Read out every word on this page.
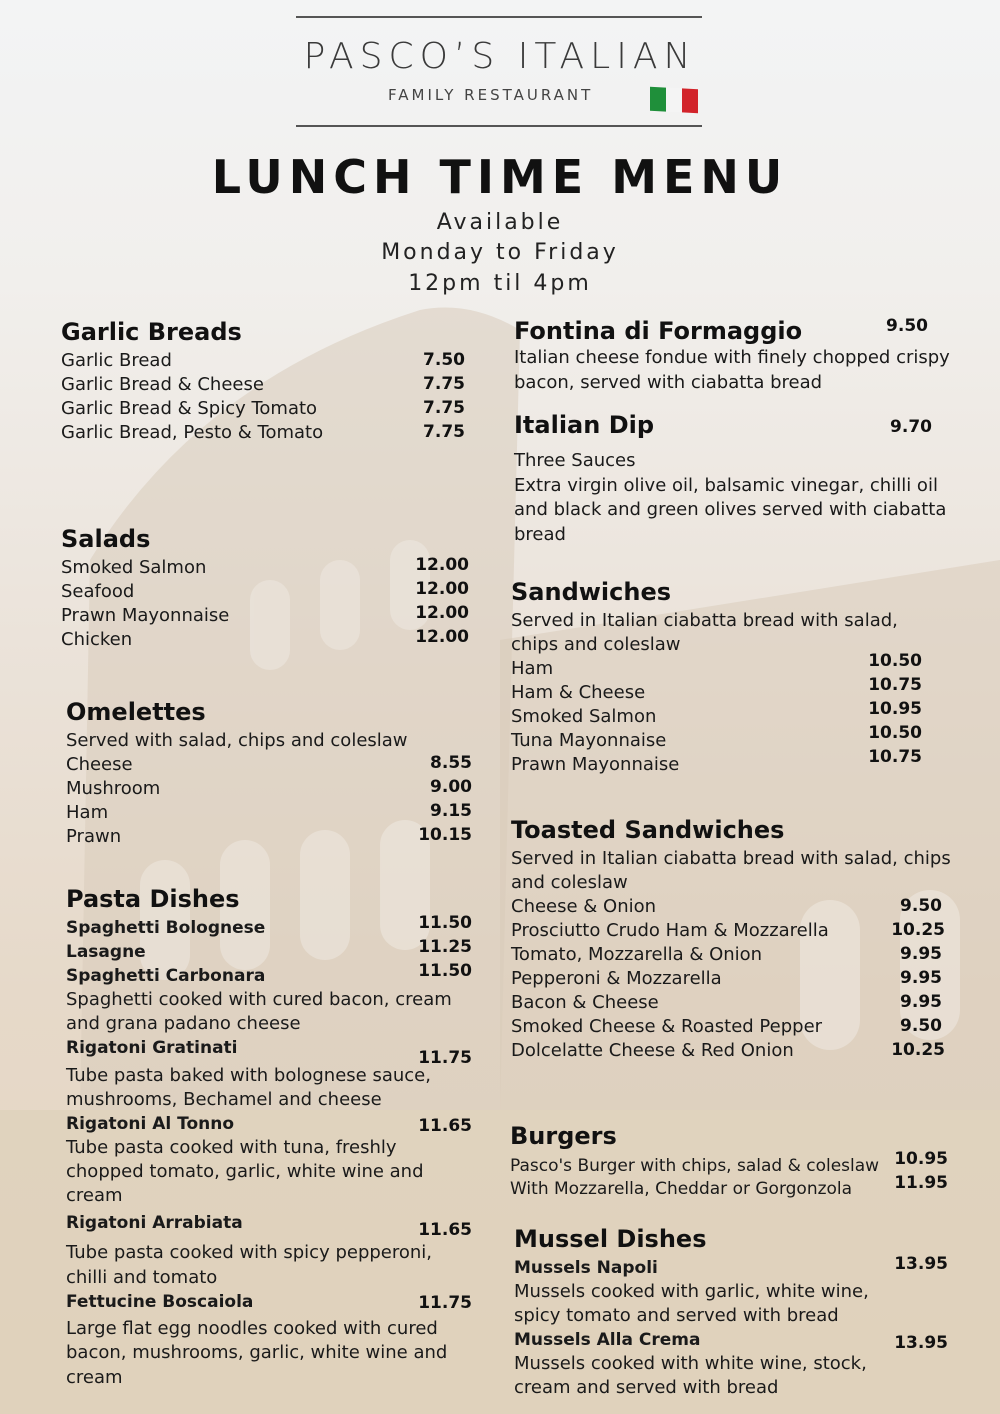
PASCO’S ITALIAN
FAMILY RESTAURANT
LUNCH TIME MENU
Available
Monday to Friday
12pm til 4pm
Garlic Breads
Garlic Bread	7.50
Garlic Bread & Cheese	7.75
Garlic Bread & Spicy Tomato	7.75
Garlic Bread, Pesto & Tomato	7.75
Salads
Smoked Salmon	12.00
Seafood	12.00
Prawn Mayonnaise	12.00
Chicken	12.00
Omelettes
Served with salad, chips and coleslaw
Cheese	8.55
Mushroom	9.00
Ham	9.15
Prawn	10.15
Pasta Dishes
Spaghetti Bolognese	11.50
Lasagne	11.25
Spaghetti Carbonara	11.50
Spaghetti cooked with cured bacon, cream
and grana padano cheese
Rigatoni Gratinati	11.75
Tube pasta baked with bolognese sauce,
mushrooms, Bechamel and cheese
Rigatoni Al Tonno	11.65
Tube pasta cooked with tuna, freshly
chopped tomato, garlic, white wine and
cream
Rigatoni Arrabiata	11.65
Tube pasta cooked with spicy pepperoni,
chilli and tomato
Fettucine Boscaiola	11.75
Large flat egg noodles cooked with cured
bacon, mushrooms, garlic, white wine and
cream
Fontina di Formaggio	9.50
Italian cheese fondue with finely chopped crispy
bacon, served with ciabatta bread
Italian Dip	9.70
Three Sauces
Extra virgin olive oil, balsamic vinegar, chilli oil
and black and green olives served with ciabatta
bread
Sandwiches
Served in Italian ciabatta bread with salad,
chips and coleslaw
Ham	10.50
Ham & Cheese	10.75
Smoked Salmon	10.95
Tuna Mayonnaise	10.50
Prawn Mayonnaise	10.75
Toasted Sandwiches
Served in Italian ciabatta bread with salad, chips
and coleslaw
Cheese & Onion	9.50
Prosciutto Crudo Ham & Mozzarella	10.25
Tomato, Mozzarella & Onion	9.95
Pepperoni & Mozzarella	9.95
Bacon & Cheese	9.95
Smoked Cheese & Roasted Pepper	9.50
Dolcelatte Cheese & Red Onion	10.25
Burgers
Pasco's Burger with chips, salad & coleslaw 10.95
With Mozzarella, Cheddar or Gorgonzola	11.95
Mussel Dishes
Mussels Napoli	13.95
Mussels cooked with garlic, white wine,
spicy tomato and served with bread
Mussels Alla Crema	13.95
Mussels cooked with white wine, stock,
cream and served with bread
